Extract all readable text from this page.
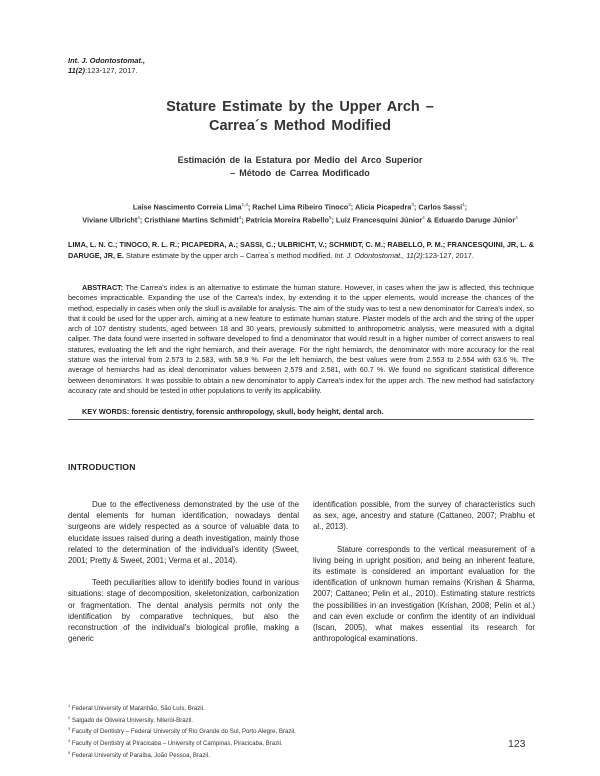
Int. J. Odontostomat.,
11(2):123-127, 2017.
Stature Estimate by the Upper Arch –
Carrea´s Method Modified
Estimación de la Estatura por Medio del Arco Superior
– Método de Carrea Modificado
Laíse Nascimento Correia Lima$^{1,4}$; Rachel Lima Ribeiro Tinoco$^2$; Alicia Picapedra$^3$; Carlos Sassi$^4$;
Viviane Ulbricht$^4$; Cristhiane Martins Schmidt$^4$; Patrícia Moreira Rabello$^5$; Luiz Francesquini Júnior$^4$ & Eduardo Daruge Júnior$^4$
LIMA, L. N. C.; TINOCO, R. L. R.; PICAPEDRA, A.; SASSI, C.; ULBRICHT, V.; SCHMIDT, C. M.; RABELLO, P. M.; FRANCESQUINI, JR, L. & DARUGE, JR, E. Stature estimate by the upper arch – Carrea´s method modified. Int. J. Odontostomat., 11(2):123-127, 2017.
ABSTRACT: The Carrea's index is an alternative to estimate the human stature. However, in cases when the jaw is affected, this technique becomes impracticable. Expanding the use of the Carrea's index, by extending it to the upper elements, would increase the chances of the method, especially in cases when only the skull is available for analysis. The aim of the study was to test a new denominator for Carrea's index, so that it could be used for the upper arch, aiming at a new feature to estimate human stature. Plaster models of the arch and the string of the upper arch of 107 dentistry students, aged between 18 and 30 years, previously submitted to anthropometric analysis, were measured with a digital caliper. The data found were inserted in software developed to find a denominator that would result in a higher number of correct answers to real statures, evaluating the left and the right hemiarch, and their average. For the right hemiarch, the denominator with more accuracy for the real stature was the interval from 2.573 to 2.583, with 58.9 %. For the left hemiarch, the best values were from 2.553 to 2.554 with 63.6 %. The average of hemiarchs had as ideal denominator values between 2.579 and 2.581, with 60.7 %. We found no significant statistical difference between denominators. It was possible to obtain a new denominator to apply Carrea's index for the upper arch. The new method had satisfactory accuracy rate and should be tested in other populations to verify its applicability.
KEY WORDS: forensic dentistry, forensic anthropology, skull, body height, dental arch.
INTRODUCTION

Due to the effectiveness demonstrated by the use of the dental elements for human identification, nowadays dental surgeons are widely respected as a source of valuable data to elucidate issues raised during a death investigation, mainly those related to the determination of the individual's identity (Sweet, 2001; Pretty & Sweet, 2001; Verma et al., 2014).

Teeth peculiarities allow to identify bodies found in various situations: stage of decomposition, skeletonization, carbonization or fragmentation. The dental analysis permits not only the identification by comparative techniques, but also the reconstruction of the individual's biological profile, making a generic

identification possible, from the survey of characteristics such as sex, age, ancestry and stature (Cattaneo, 2007; Prabhu et al., 2013).

Stature corresponds to the vertical measurement of a living being in upright position, and being an inherent feature, its estimate is considered an important evaluation for the identification of unknown human remains (Krishan & Sharma, 2007; Cattaneo; Pelin et al., 2010). Estimating stature restricts the possibilities in an investigation (Krishan, 2008; Pelin et al.) and can even exclude or confirm the identity of an individual (Iscan, 2005), what makes essential its research for anthropological examinations.

$^1$ Federal University of Maranhão, São Luís, Brazil.
$^2$ Salgado de Oliveira University, Niterói-Brazil.
$^3$ Faculty of Dentistry – Federal University of Rio Grande do Sul, Porto Alegre, Brazil.
$^4$ Faculty of Dentistry at Piracicaba – University of Campinas, Piracicaba, Brazil.
$^5$ Federal University of Paraíba, João Pessoa, Brazil.
123
